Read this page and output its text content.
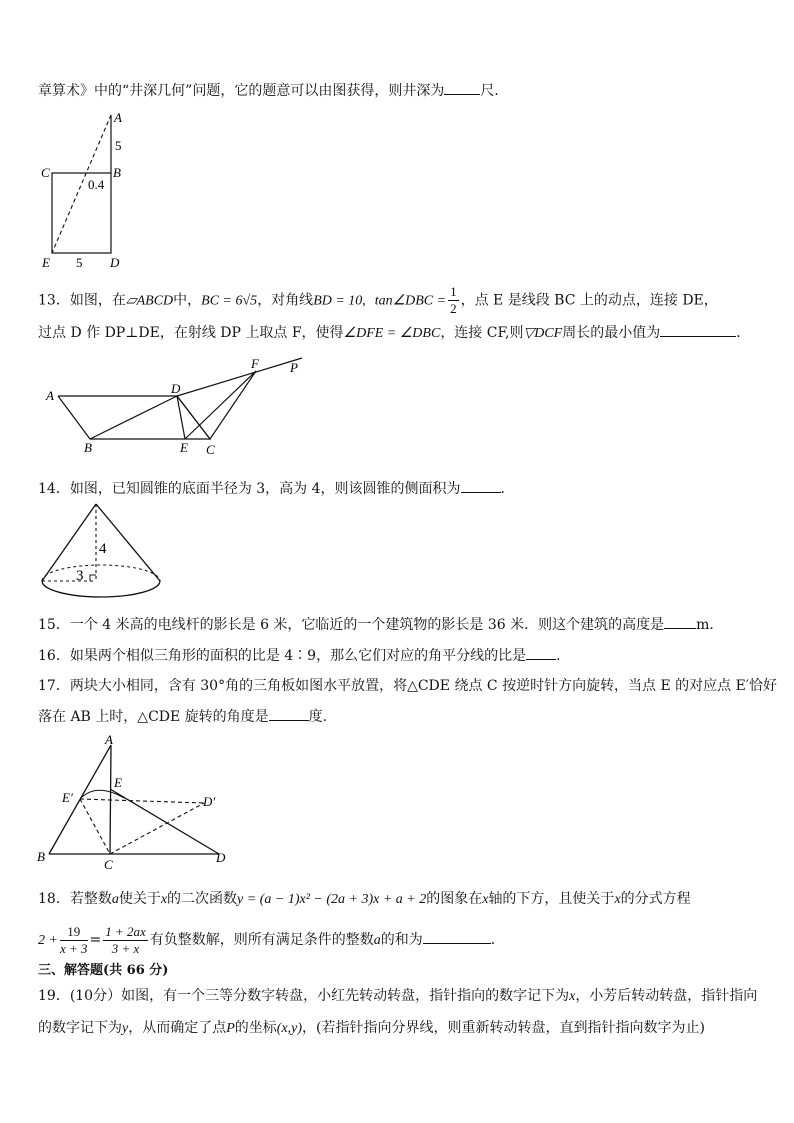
章算术》中的“井深几何”问题，它的题意可以由图获得，则井深为	尺．
A
5
C	B
0.4
E 5 D
13．如图，在▱ABCD中，BC = 6√5，对角线BD = 10, tan∠DBC = $\frac{1}{2}$ ，点 E 是线段 BC 上的动点，连接 DE，
过点 D 作 DP⊥DE，在射线 DP 上取点 F，使得∠DFE = ∠DBC，连接 CF,则▽DCF周长的最小值为	.
A	D
F P
B	E C
14．如图，已知圆锥的底面半径为 3，高为 4，则该圆锥的侧面积为	．
4
3
15．一个 4 米高的电线杆的影长是 6 米，它临近的一个建筑物的影长是 36 米．则这个建筑的高度是 m．
16．如果两个相似三角形的面积的比是 4∶9，那么它们对应的角平分线的比是 .
17．两块大小相同，含有 30°角的三角板如图水平放置，将△CDE 绕点 C 按逆时针方向旋转，当点 E 的对应点 E′恰好
落在 AB 上时，△CDE 旋转的角度是	度.
A
E
E′	D′
B
C	D
18．若整数a使关于x的二次函数y = (a − 1)x² − (2a + 3)x + a + 2的图象在x轴的下方，且使关于x的分式方程
$2 + \frac{19}{x + 3} = \frac{1 + 2ax}{3 + x}$ 有负整数解，则所有满足条件的整数a的和为	.
三、解答题(共 66 分)
19．(10分）如图，有一个三等分数字转盘，小红先转动转盘，指针指向的数字记下为x，小芳后转动转盘，指针指向
的数字记下为y，从而确定了点P的坐标(x,y)，(若指针指向分界线，则重新转动转盘，直到指针指向数字为止)
